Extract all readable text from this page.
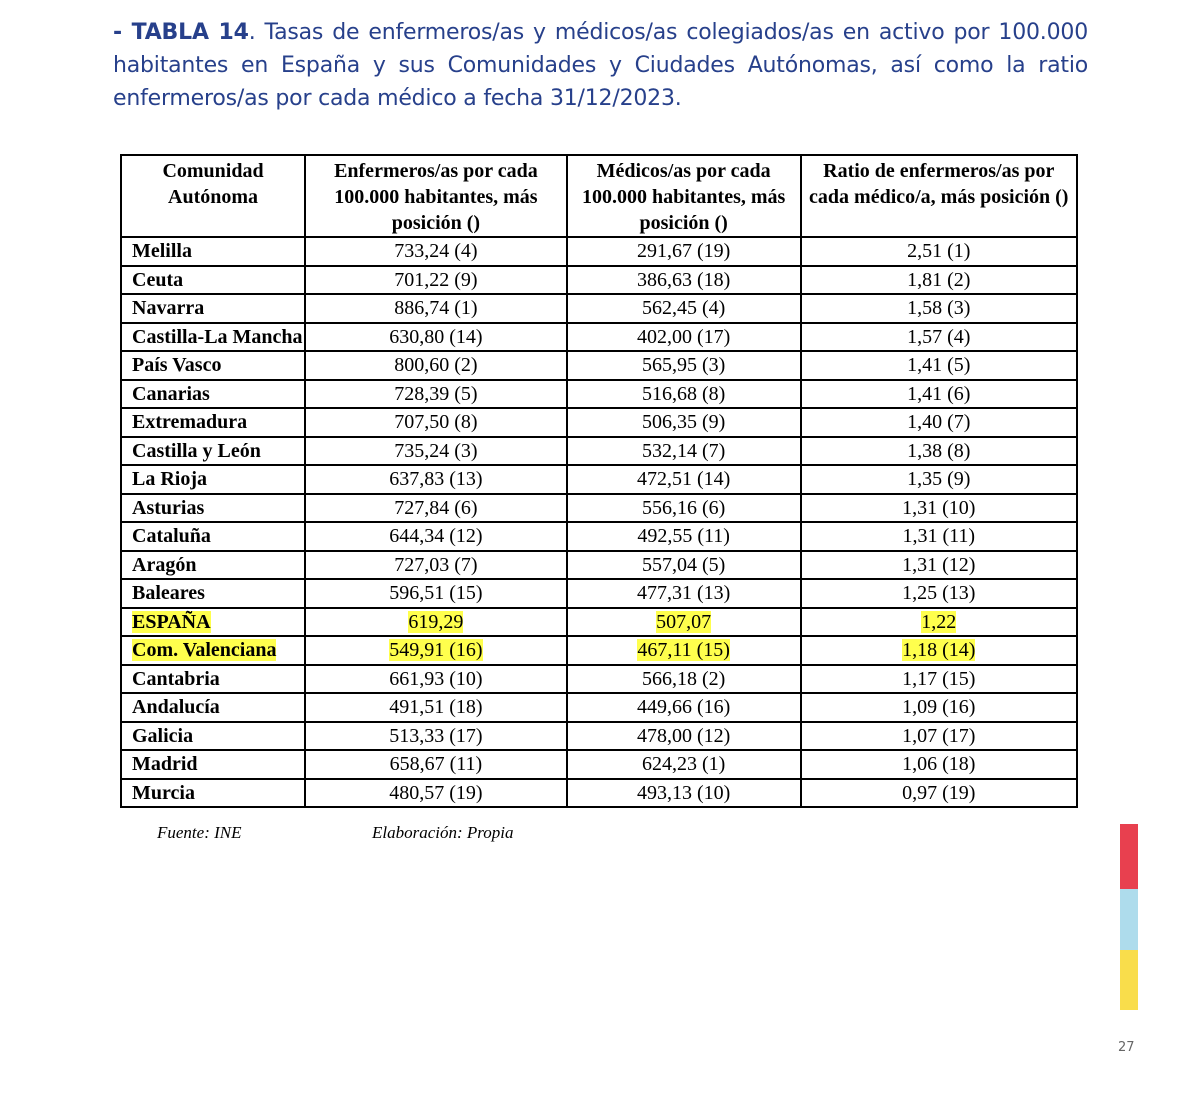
- TABLA 14. Tasas de enfermeros/as y médicos/as colegiados/as en activo por 100.000 habitantes en España y sus Comunidades y Ciudades Autónomas, así como la ratio enfermeros/as por cada médico a fecha 31/12/2023.
Comunidad Autónoma	Enfermeros/as por cada 100.000 habitantes, más posición ()	Médicos/as por cada 100.000 habitantes, más posición ()	Ratio de enfermeros/as por cada médico/a, más posición ()
Melilla	733,24 (4)	291,67 (19)	2,51 (1)
Ceuta	701,22 (9)	386,63 (18)	1,81 (2)
Navarra	886,74 (1)	562,45 (4)	1,58 (3)
Castilla-La Mancha	630,80 (14)	402,00 (17)	1,57 (4)
País Vasco	800,60 (2)	565,95 (3)	1,41 (5)
Canarias	728,39 (5)	516,68 (8)	1,41 (6)
Extremadura	707,50 (8)	506,35 (9)	1,40 (7)
Castilla y León	735,24 (3)	532,14 (7)	1,38 (8)
La Rioja	637,83 (13)	472,51 (14)	1,35 (9)
Asturias	727,84 (6)	556,16 (6)	1,31 (10)
Cataluña	644,34 (12)	492,55 (11)	1,31 (11)
Aragón	727,03 (7)	557,04 (5)	1,31 (12)
Baleares	596,51 (15)	477,31 (13)	1,25 (13)
ESPAÑA	619,29	507,07	1,22
Com. Valenciana	549,91 (16)	467,11 (15)	1,18 (14)
Cantabria	661,93 (10)	566,18 (2)	1,17 (15)
Andalucía	491,51 (18)	449,66 (16)	1,09 (16)
Galicia	513,33 (17)	478,00 (12)	1,07 (17)
Madrid	658,67 (11)	624,23 (1)	1,06 (18)
Murcia	480,57 (19)	493,13 (10)	0,97 (19)
Fuente: INE	Elaboración: Propia
27
